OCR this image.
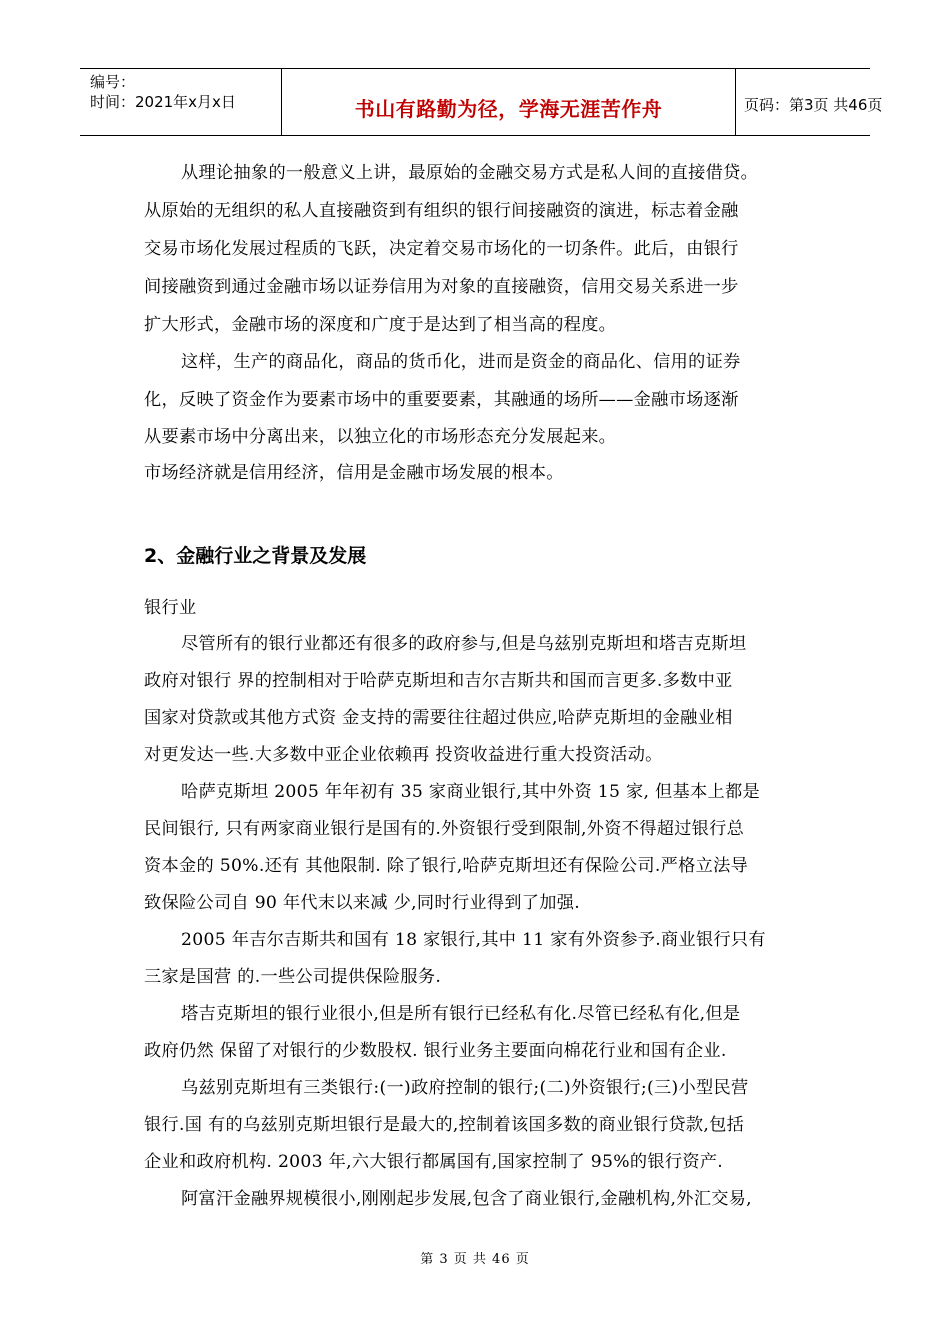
编号：
时间：2021年x月x日	书山有路勤为径，学海无涯苦作舟	页码：第3页 共46页
从理论抽象的一般意义上讲，最原始的金融交易方式是私人间的直接借贷。
从原始的无组织的私人直接融资到有组织的银行间接融资的演进，标志着金融
交易市场化发展过程质的飞跃，决定着交易市场化的一切条件。此后，由银行
间接融资到通过金融市场以证券信用为对象的直接融资，信用交易关系进一步
扩大形式，金融市场的深度和广度于是达到了相当高的程度。
这样，生产的商品化，商品的货币化，进而是资金的商品化、信用的证券
化，反映了资金作为要素市场中的重要要素，其融通的场所——金融市场逐渐
从要素市场中分离出来，以独立化的市场形态充分发展起来。
市场经济就是信用经济，信用是金融市场发展的根本。
2、金融行业之背景及发展
银行业
尽管所有的银行业都还有很多的政府参与,但是乌兹别克斯坦和塔吉克斯坦
政府对银行 界的控制相对于哈萨克斯坦和吉尔吉斯共和国而言更多.多数中亚
国家对贷款或其他方式资 金支持的需要往往超过供应,哈萨克斯坦的金融业相
对更发达一些.大多数中亚企业依赖再 投资收益进行重大投资活动。
哈萨克斯坦 2005 年年初有 35 家商业银行,其中外资 15 家, 但基本上都是
民间银行, 只有两家商业银行是国有的.外资银行受到限制,外资不得超过银行总
资本金的 50%.还有 其他限制. 除了银行,哈萨克斯坦还有保险公司.严格立法导
致保险公司自 90 年代末以来减 少,同时行业得到了加强.
2005 年吉尔吉斯共和国有 18 家银行,其中 11 家有外资参予.商业银行只有
三家是国营 的.一些公司提供保险服务.
塔吉克斯坦的银行业很小,但是所有银行已经私有化.尽管已经私有化,但是
政府仍然 保留了对银行的少数股权. 银行业务主要面向棉花行业和国有企业.
乌兹别克斯坦有三类银行:(一)政府控制的银行;(二)外资银行;(三)小型民营
银行.国 有的乌兹别克斯坦银行是最大的,控制着该国多数的商业银行贷款,包括
企业和政府机构. 2003 年,六大银行都属国有,国家控制了 95%的银行资产.
阿富汗金融界规模很小,刚刚起步发展,包含了商业银行,金融机构,外汇交易,
第 3 页 共 46 页
